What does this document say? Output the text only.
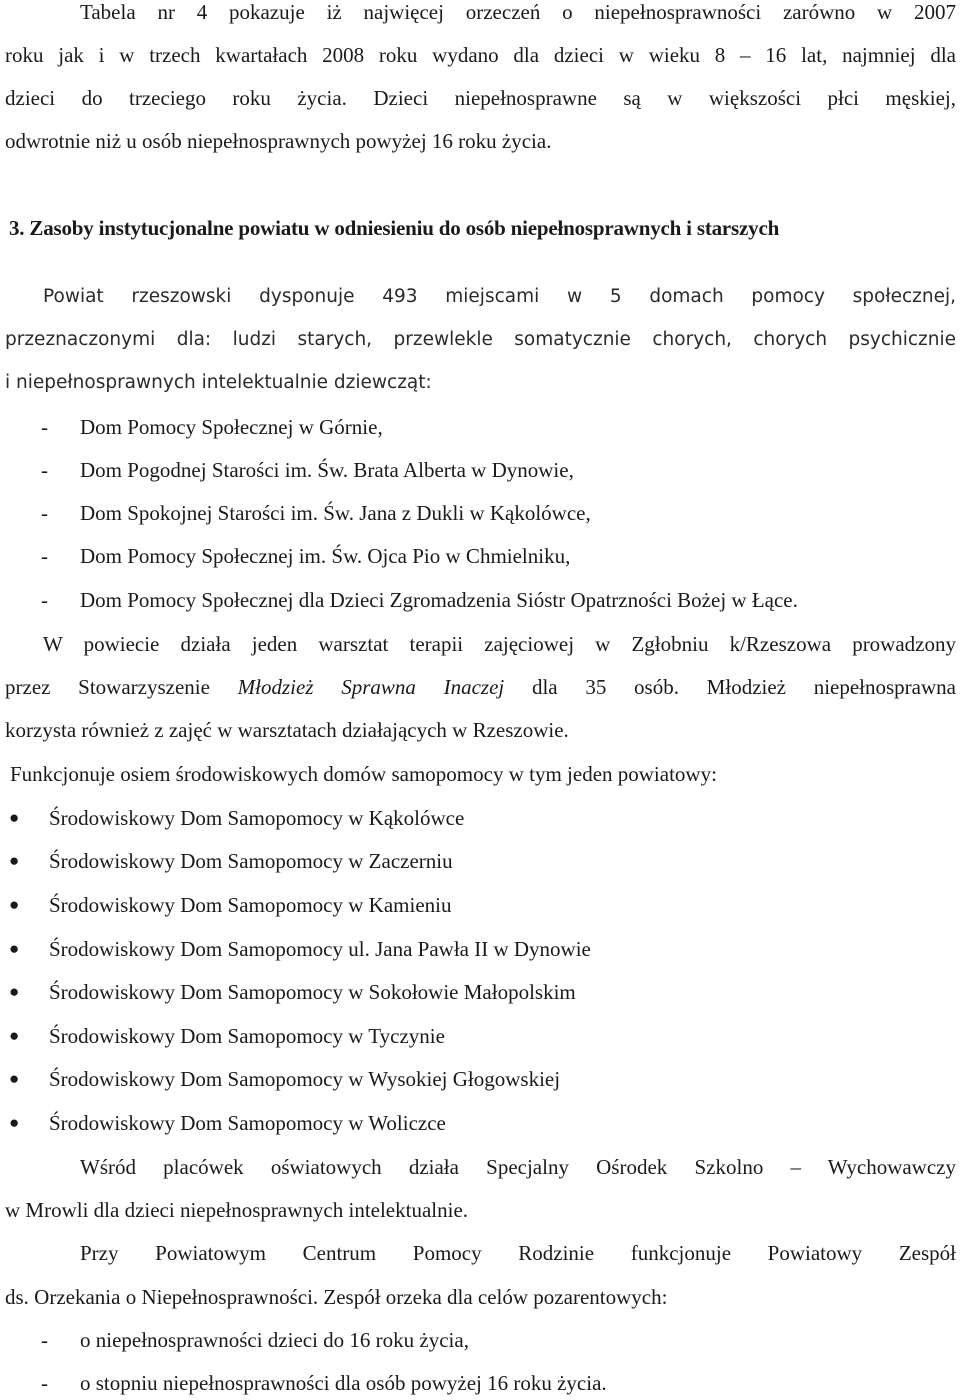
Tabela nr 4 pokazuje iż najwięcej orzeczeń o niepełnosprawności zarówno w 2007
roku jak i w trzech kwartałach 2008 roku wydano dla dzieci w wieku 8 – 16 lat, najmniej dla
dzieci do trzeciego roku życia. Dzieci niepełnosprawne są w większości płci męskiej,
odwrotnie niż u osób niepełnosprawnych powyżej 16 roku życia.
3. Zasoby instytucjonalne powiatu w odniesieniu do osób niepełnosprawnych i starszych
Powiat rzeszowski dysponuje 493 miejscami w 5 domach pomocy społecznej,
przeznaczonymi dla: ludzi starych, przewlekle somatycznie chorych, chorych psychicznie
i niepełnosprawnych intelektualnie dziewcząt:
- Dom Pomocy Społecznej w Górnie,
- Dom Pogodnej Starości im. Św. Brata Alberta w Dynowie,
- Dom Spokojnej Starości im. Św. Jana z Dukli w Kąkolówce,
- Dom Pomocy Społecznej im. Św. Ojca Pio w Chmielniku,
- Dom Pomocy Społecznej dla Dzieci Zgromadzenia Sióstr Opatrzności Bożej w Łące.
W powiecie działa jeden warsztat terapii zajęciowej w Zgłobniu k/Rzeszowa prowadzony
przez Stowarzyszenie Młodzież Sprawna Inaczej dla 35 osób. Młodzież niepełnosprawna
korzysta również z zajęć w warsztatach działających w Rzeszowie.
Funkcjonuje osiem środowiskowych domów samopomocy w tym jeden powiatowy:
● Środowiskowy Dom Samopomocy w Kąkolówce
● Środowiskowy Dom Samopomocy w Zaczerniu
● Środowiskowy Dom Samopomocy w Kamieniu
● Środowiskowy Dom Samopomocy ul. Jana Pawła II w Dynowie
● Środowiskowy Dom Samopomocy w Sokołowie Małopolskim
● Środowiskowy Dom Samopomocy w Tyczynie
● Środowiskowy Dom Samopomocy w Wysokiej Głogowskiej
● Środowiskowy Dom Samopomocy w Woliczce
Wśród placówek oświatowych działa Specjalny Ośrodek Szkolno – Wychowawczy
w Mrowli dla dzieci niepełnosprawnych intelektualnie.
Przy Powiatowym Centrum Pomocy Rodzinie funkcjonuje Powiatowy Zespół
ds. Orzekania o Niepełnosprawności. Zespół orzeka dla celów pozarentowych:
- o niepełnosprawności dzieci do 16 roku życia,
- o stopniu niepełnosprawności dla osób powyżej 16 roku życia.
